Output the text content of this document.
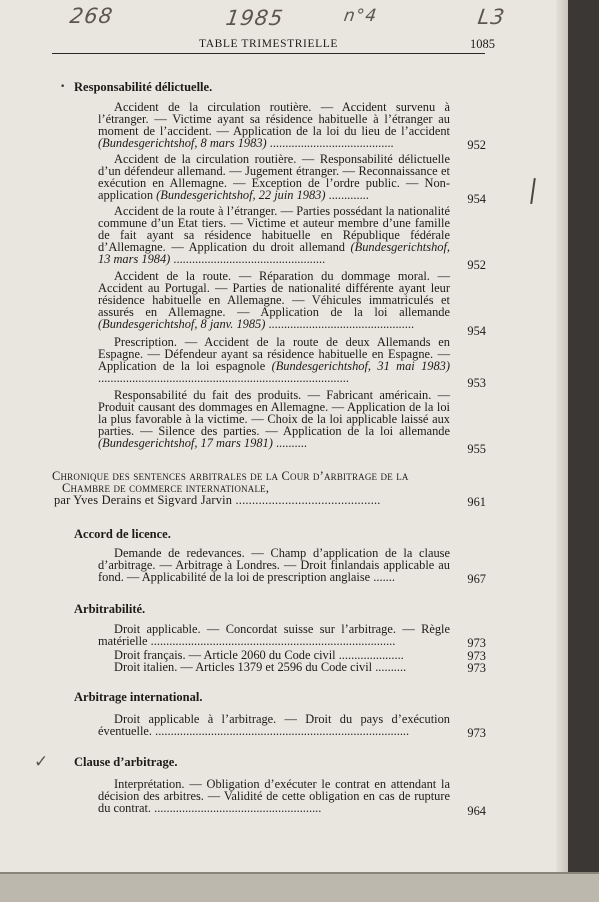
268	1985	n°4	L3
TABLE TRIMESTRIELLE	1085
• Responsabilité délictuelle.

Accident de la circulation routière. — Accident survenu à l’étranger. — Victime ayant sa résidence habituelle à l’étranger au moment de l’accident. — Application de la loi du lieu de l’accident (Bundesgerichtshof, 8 mars 1983) ........................................	952

Accident de la circulation routière. — Responsabilité délictuelle d’un défendeur allemand. — Jugement étranger. — Reconnaissance et exécution en Allemagne. — Exception de l’ordre public. — Non-application (Bundesgerichtshof, 22 juin 1983) .............	954

Accident de la route à l’étranger. — Parties possédant la nationalité commune d’un Etat tiers. — Victime et auteur membre d’une famille de fait ayant sa résidence habituelle en République fédérale d’Allemagne. — Application du droit allemand (Bundesgerichtshof, 13 mars 1984) .................................................	952

Accident de la route. — Réparation du dommage moral. — Accident au Portugal. — Parties de nationalité différente ayant leur résidence habituelle en Allemagne. — Véhicules immatriculés et assurés en Allemagne. — Application de la loi allemande (Bundesgerichtshof, 8 janv. 1985) ...............................................	954

Prescription. — Accident de la route de deux Allemands en Espagne. — Défendeur ayant sa résidence habituelle en Espagne. — Application de la loi espagnole (Bundesgerichtshof, 31 mai 1983) .................................................................................	953

Responsabilité du fait des produits. — Fabricant américain. — Produit causant des dommages en Allemagne. — Application de la loi la plus favorable à la victime. — Choix de la loi applicable laissé aux parties. — Silence des parties. — Application de la loi allemande (Bundesgerichtshof, 17 mars 1981) ..........	955
Chronique des sentences arbitrales de la Cour d’arbitrage de la
Chambre de commerce internationale,
par Yves Derains et Sigvard Jarvin ............................................	961
Accord de licence.

Demande de redevances. — Champ d’application de la clause d’arbitrage. — Arbitrage à Londres. — Droit finlandais applicable au fond. — Applicabilité de la loi de prescription anglaise .......	967
Arbitrabilité.

Droit applicable. — Concordat suisse sur l’arbitrage. — Règle matérielle ...............................................................................	973

Droit français. — Article 2060 du Code civil .....................	973

Droit italien. — Articles 1379 et 2596 du Code civil ..........	973
Arbitrage international.

Droit applicable à l’arbitrage. — Droit du pays d’exécution éventuelle. ..................................................................................	973
✓ Clause d’arbitrage.

Interprétation. — Obligation d’exécuter le contrat en attendant la décision des arbitres. — Validité de cette obligation en cas de rupture du contrat. ......................................................	964
